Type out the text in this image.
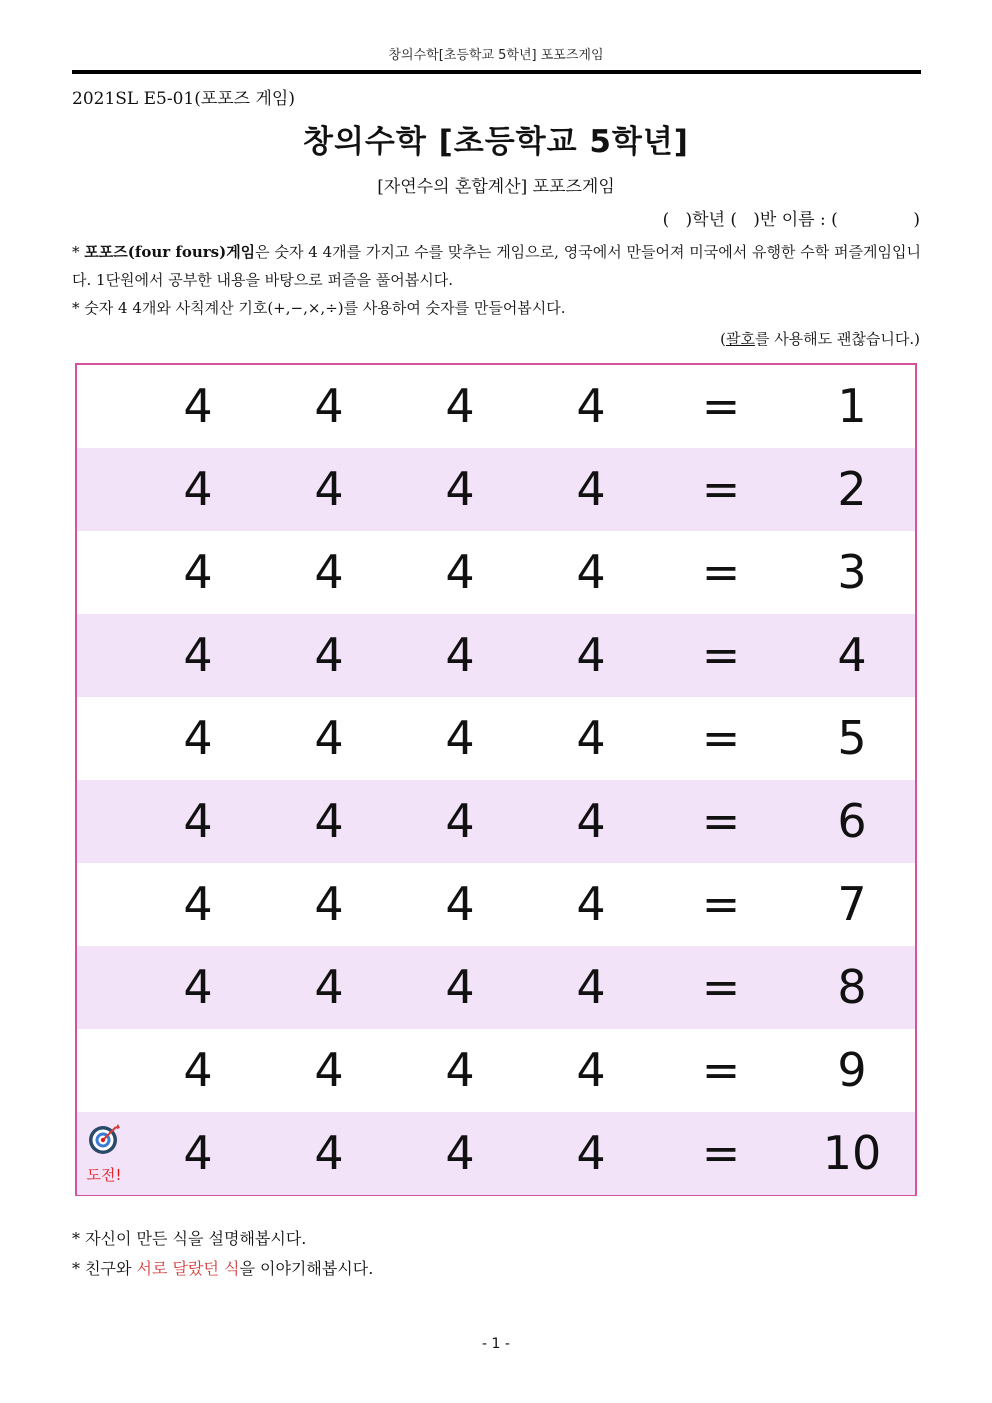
창의수학[초등학교 5학년] 포포즈게임
2021SL E5-01(포포즈 게임)
창의수학 [초등학교 5학년]
[자연수의 혼합계산] 포포즈게임
(   )학년 (   )반 이름 : (              )

* 포포즈(four fours)게임은 숫자 4 4개를 가지고 수를 맞추는 게임으로, 영국에서 만들어져 미국에서 유행한 수학 퍼즐게임입니다. 1단원에서 공부한 내용을 바탕으로 퍼즐을 풀어봅시다.

* 숫자 4 4개와 사칙계산 기호(+,−,×,÷)를 사용하여 숫자를 만들어봅시다.

(괄호를 사용해도 괜찮습니다.)
4	4	4	4	=	1
4	4	4	4	=	2
4	4	4	4	=	3
4	4	4	4	=	4
4	4	4	4	=	5
4	4	4	4	=	6
4	4	4	4	=	7
4	4	4	4	=	8
4	4	4	4	=	9
4	4	4	4	=	10
도전!

* 자신이 만든 식을 설명해봅시다.

* 친구와 서로 달랐던 식을 이야기해봅시다.

- 1 -
